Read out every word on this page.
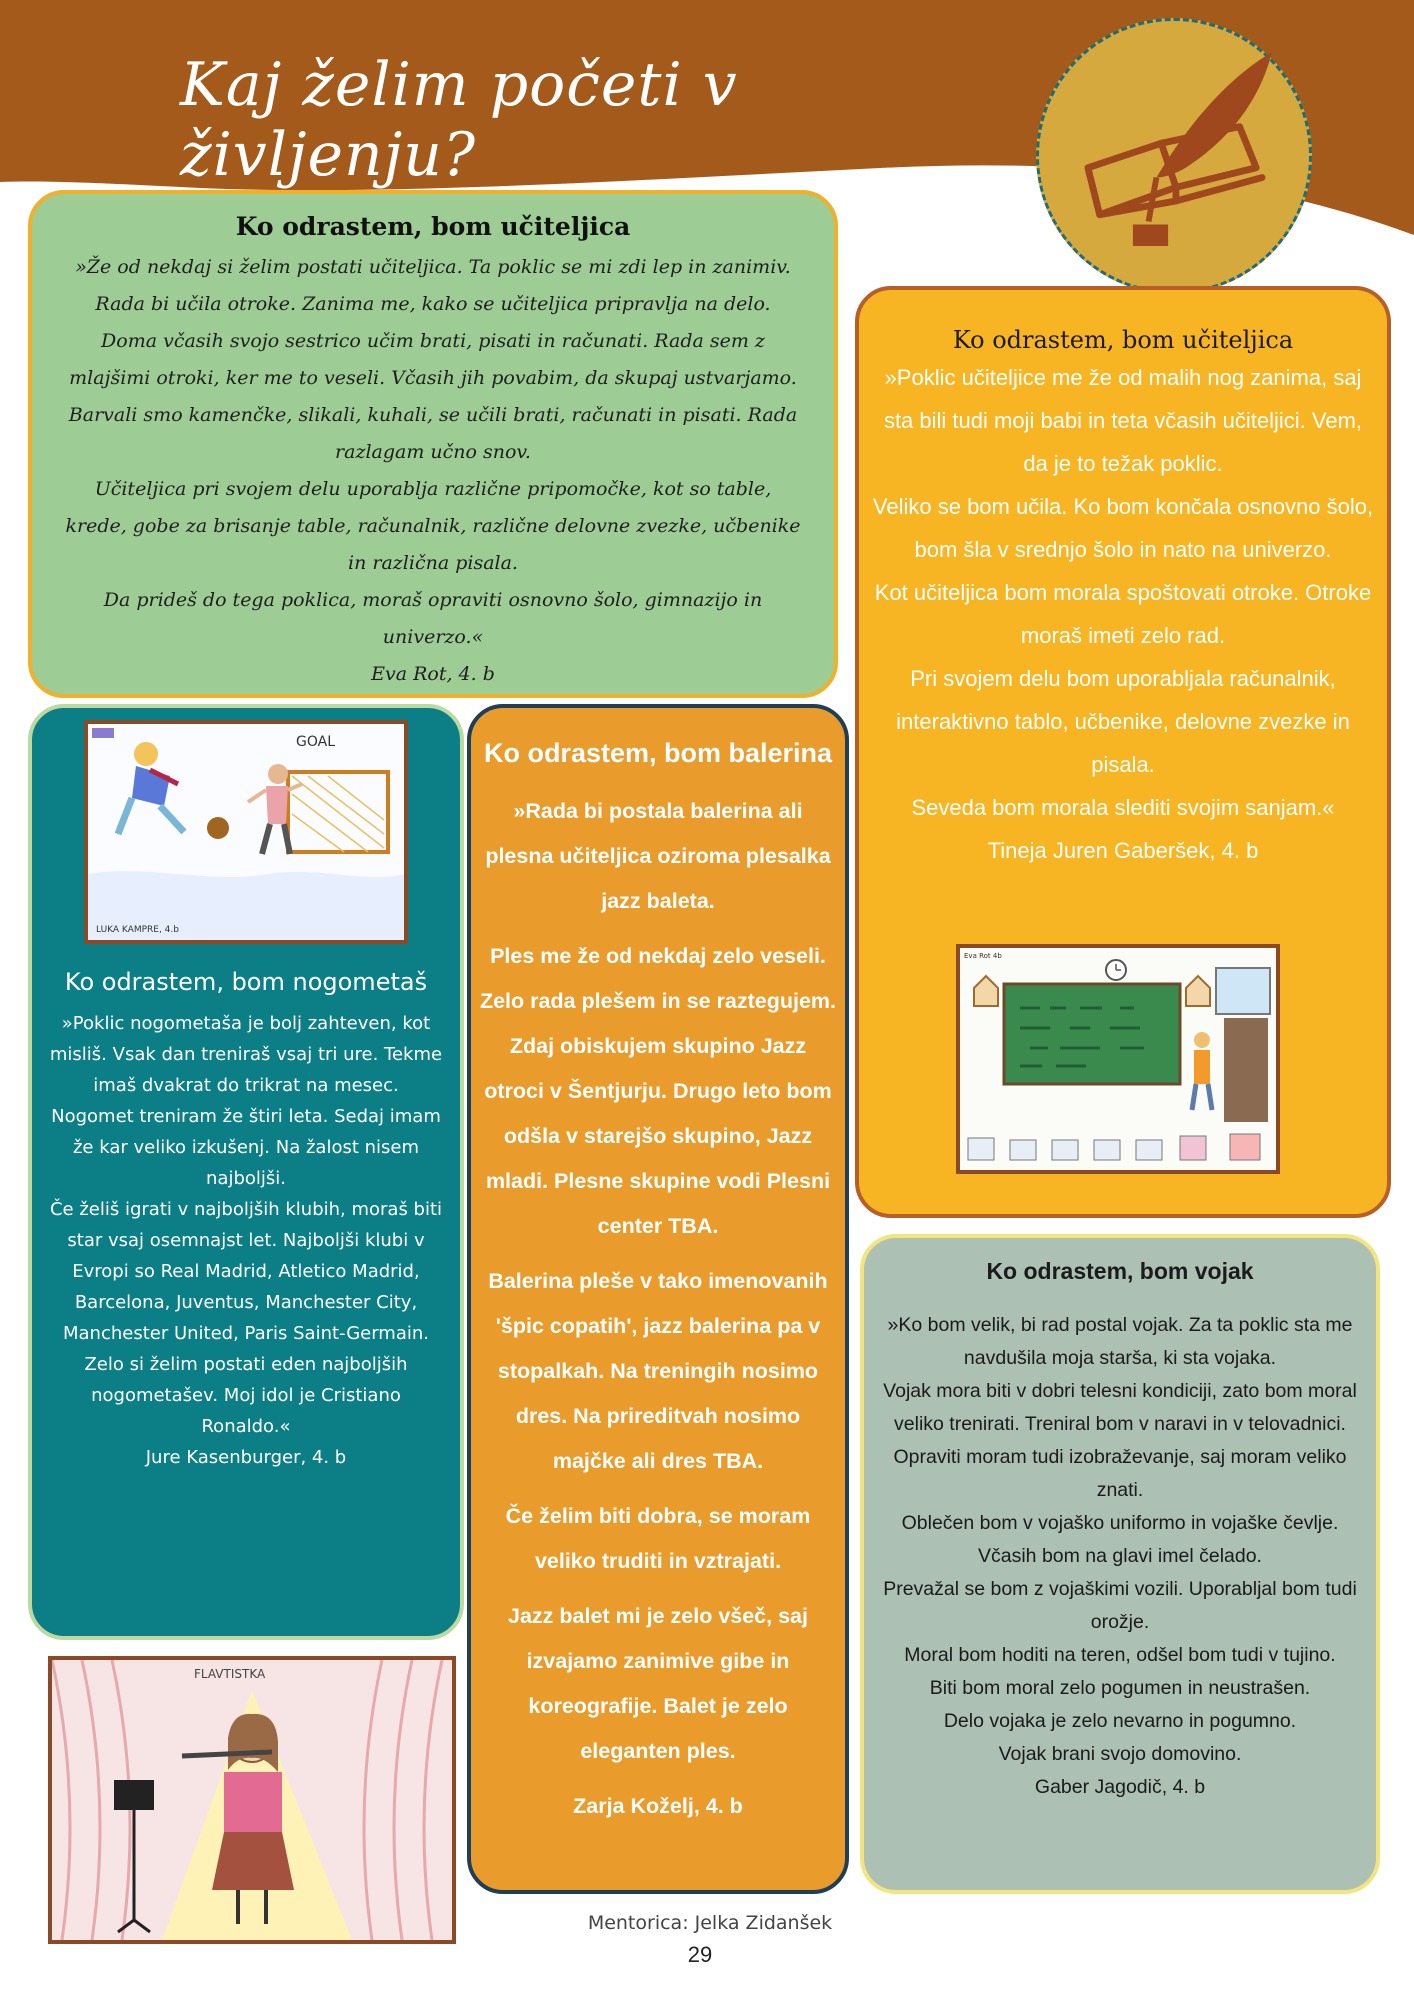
Kaj želim početi v življenju?
Ko odrastem, bom učiteljica

»Že od nekdaj si želim postati učiteljica. Ta poklic se mi zdi lep in zanimiv. Rada bi učila otroke. Zanima me, kako se učiteljica pripravlja na delo.

Doma včasih svojo sestrico učim brati, pisati in računati. Rada sem z mlajšimi otroki, ker me to veseli. Včasih jih povabim, da skupaj ustvarjamo. Barvali smo kamenčke, slikali, kuhali, se učili brati, računati in pisati. Rada razlagam učno snov.

Učiteljica pri svojem delu uporablja različne pripomočke, kot so table, krede, gobe za brisanje table, računalnik, različne delovne zvezke, učbenike in različna pisala.

Da prideš do tega poklica, moraš opraviti osnovno šolo, gimnazijo in univerzo.«

Eva Rot, 4. b

Ko odrastem, bom učiteljica

»Poklic učiteljice me že od malih nog zanima, saj sta bili tudi moji babi in teta včasih učiteljici. Vem, da je to težak poklic.

Veliko se bom učila. Ko bom končala osnovno šolo, bom šla v srednjo šolo in nato na univerzo.

Kot učiteljica bom morala spoštovati otroke. Otroke moraš imeti zelo rad.

Pri svojem delu bom uporabljala računalnik, interaktivno tablo, učbenike, delovne zvezke in pisala.

Seveda bom morala slediti svojim sanjam.«

Tineja Juren Gaberšek, 4. b

Ko odrastem, bom nogometaš

»Poklic nogometaša je bolj zahteven, kot misliš. Vsak dan treniraš vsaj tri ure. Tekme imaš dvakrat do trikrat na mesec.

Nogomet treniram že štiri leta. Sedaj imam že kar veliko izkušenj. Na žalost nisem najboljši.

Če želiš igrati v najboljših klubih, moraš biti star vsaj osemnajst let. Najboljši klubi v Evropi so Real Madrid, Atletico Madrid, Barcelona, Juventus, Manchester City, Manchester United, Paris Saint-Germain.

Zelo si želim postati eden najboljših nogometašev. Moj idol je Cristiano Ronaldo.«

Jure Kasenburger, 4. b

Ko odrastem, bom balerina

»Rada bi postala balerina ali plesna učiteljica oziroma plesalka jazz baleta.

Ples me že od nekdaj zelo veseli. Zelo rada plešem in se raztegujem. Zdaj obiskujem skupino Jazz otroci v Šentjurju. Drugo leto bom odšla v starejšo skupino, Jazz mladi. Plesne skupine vodi Plesni center TBA.

Balerina pleše v tako imenovanih 'špic copatih', jazz balerina pa v stopalkah. Na treningih nosimo dres. Na prireditvah nosimo majčke ali dres TBA.

Če želim biti dobra, se moram veliko truditi in vztrajati.

Jazz balet mi je zelo všeč, saj izvajamo zanimive gibe in koreografije. Balet je zelo eleganten ples.

Zarja Koželj, 4. b

Ko odrastem, bom vojak

»Ko bom velik, bi rad postal vojak. Za ta poklic sta me navdušila moja starša, ki sta vojaka.

Vojak mora biti v dobri telesni kondiciji, zato bom moral veliko trenirati. Treniral bom v naravi in v telovadnici. Opraviti moram tudi izobraževanje, saj moram veliko znati.

Oblečen bom v vojaško uniformo in vojaške čevlje. Včasih bom na glavi imel čelado.

Prevažal se bom z vojaškimi vozili. Uporabljal bom tudi orožje.

Moral bom hoditi na teren, odšel bom tudi v tujino.

Biti bom moral zelo pogumen in neustrašen.

Delo vojaka je zelo nevarno in pogumno.

Vojak brani svojo domovino.

Gaber Jagodič, 4. b

GOAL
LUKA KAMPRE, 4.b
Eva Rot 4b
FLAVTISTKA
Mentorica: Jelka Zidanšek
29
